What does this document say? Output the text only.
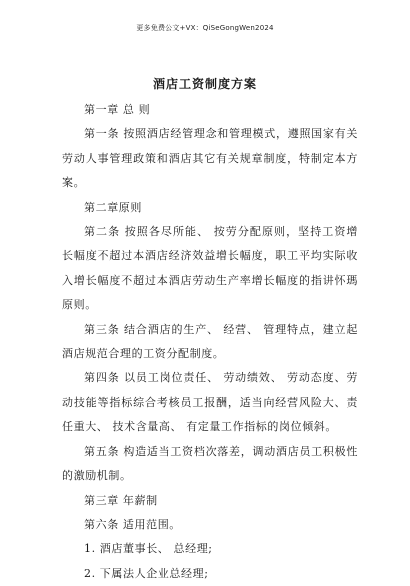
更多免费公文+VX：QiSeGongWen2024
酒店工资制度方案

第一章 总 则

第一条 按照酒店经管理念和管理模式，遵照国家有关劳动人事管理政策和酒店其它有关规章制度，特制定本方案。

第二章原则

第二条 按照各尽所能、 按劳分配原则，坚持工资增长幅度不超过本酒店经济效益增长幅度，职工平均实际收入增长幅度不超过本酒店劳动生产率增长幅度的指讲怀瑪原则。

第三条 结合酒店的生产、 经营、 管理特点，建立起酒店规范合理的工资分配制度。

第四条 以员工岗位责任、 劳动绩效、 劳动态度、劳动技能等指标综合考核员工报酬，适当向经营风险大、责任重大、 技术含量高、 有定量工作指标的岗位倾斜。

第五条 构造适当工资档次落差，调动酒店员工积极性的激励机制。

第三章 年薪制

第六条 适用范围。

1. 酒店董事长、 总经理;

2. 下属法人企业总经理;
